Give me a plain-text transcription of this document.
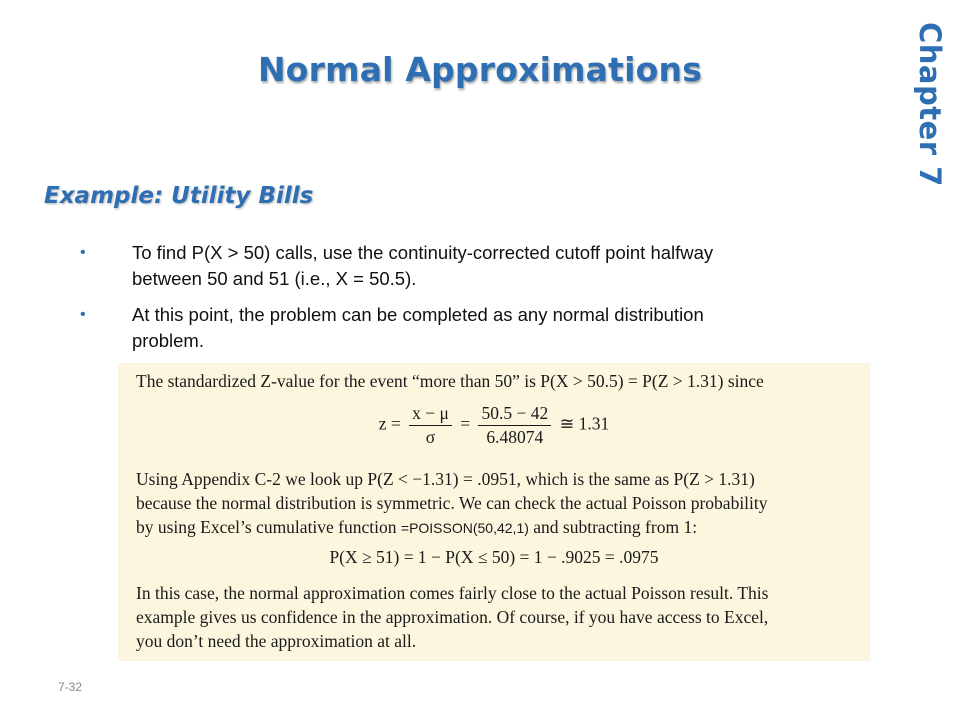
Normal Approximations	Chapter 7
Example: Utility Bills
•	To find P(X > 50) calls, use the continuity-corrected cutoff point halfway
between 50 and 51 (i.e., X = 50.5).
•	At this point, the problem can be completed as any normal distribution
problem.
The standardized Z-value for the event “more than 50” is P(X > 50.5) = P(Z > 1.31) since
$z = \frac{x - \mu}{\sigma} = \frac{50.5 - 42}{6.48074}$ ≅ 1.31
Using Appendix C-2 we look up P(Z < −1.31) = .0951, which is the same as P(Z > 1.31)
because the normal distribution is symmetric. We can check the actual Poisson probability
by using Excel’s cumulative function =POISSON(50,42,1) and subtracting from 1:
P(X ≥ 51) = 1 − P(X ≤ 50) = 1 − .9025 = .0975
In this case, the normal approximation comes fairly close to the actual Poisson result. This
example gives us confidence in the approximation. Of course, if you have access to Excel,
you don’t need the approximation at all.
7-32
